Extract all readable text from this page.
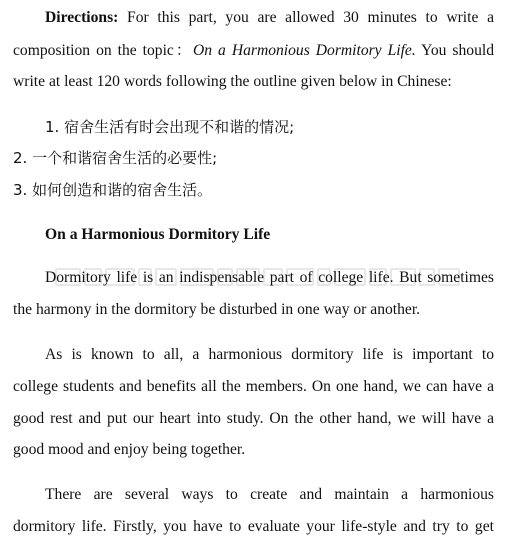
Directions: For this part, you are allowed 30 minutes to write a
composition on the topic：On a Harmonious Dormitory Life. You should
write at least 120 words following the outline given below in Chinese:
1. 宿舍生活有时会出现不和谐的情况;
2. 一个和谐宿舍生活的必要性;
3. 如何创造和谐的宿舍生活。
On a Harmonious Dormitory Life
Dormitory life is an indispensable part of college life. But sometimes
the harmony in the dormitory be disturbed in one way or another.
As is known to all, a harmonious dormitory life is important to
college students and benefits all the members. On one hand, we can have a
good rest and put our heart into study. On the other hand, we will have a
good mood and enjoy being together.
There are several ways to create and maintain a harmonious
dormitory life. Firstly, you have to evaluate your life-style and try to get
